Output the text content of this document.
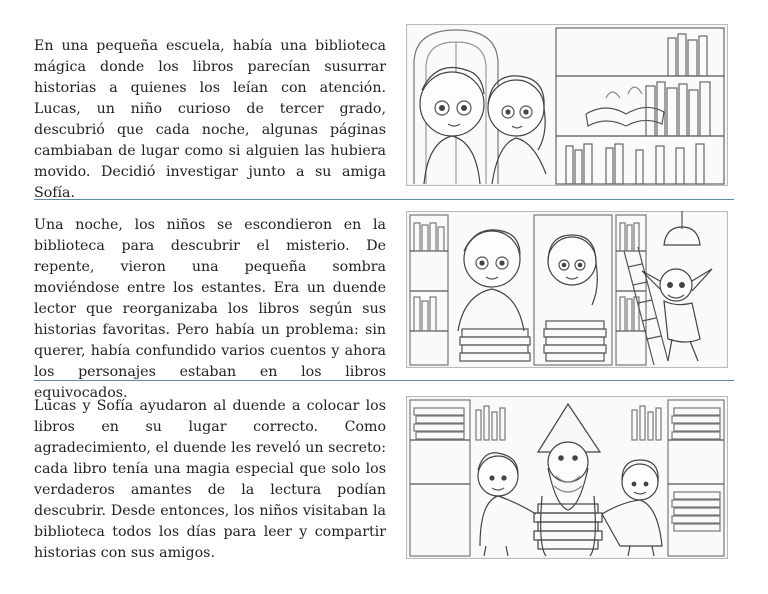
En una pequeña escuela, había una biblioteca mágica donde los libros parecían susurrar historias a quienes los leían con atención. Lucas, un niño curioso de tercer grado, descubrió que cada noche, algunas páginas cambiaban de lugar como si alguien las hubiera movido. Decidió investigar junto a su amiga Sofía.

Una noche, los niños se escondieron en la biblioteca para descubrir el misterio. De repente, vieron una pequeña sombra moviéndose entre los estantes. Era un duende lector que reorganizaba los libros según sus historias favoritas. Pero había un problema: sin querer, había confundido varios cuentos y ahora los personajes estaban en los libros equivocados.

Lucas y Sofía ayudaron al duende a colocar los libros en su lugar correcto. Como agradecimiento, el duende les reveló un secreto: cada libro tenía una magia especial que solo los verdaderos amantes de la lectura podían descubrir. Desde entonces, los niños visitaban la biblioteca todos los días para leer y compartir historias con sus amigos.
